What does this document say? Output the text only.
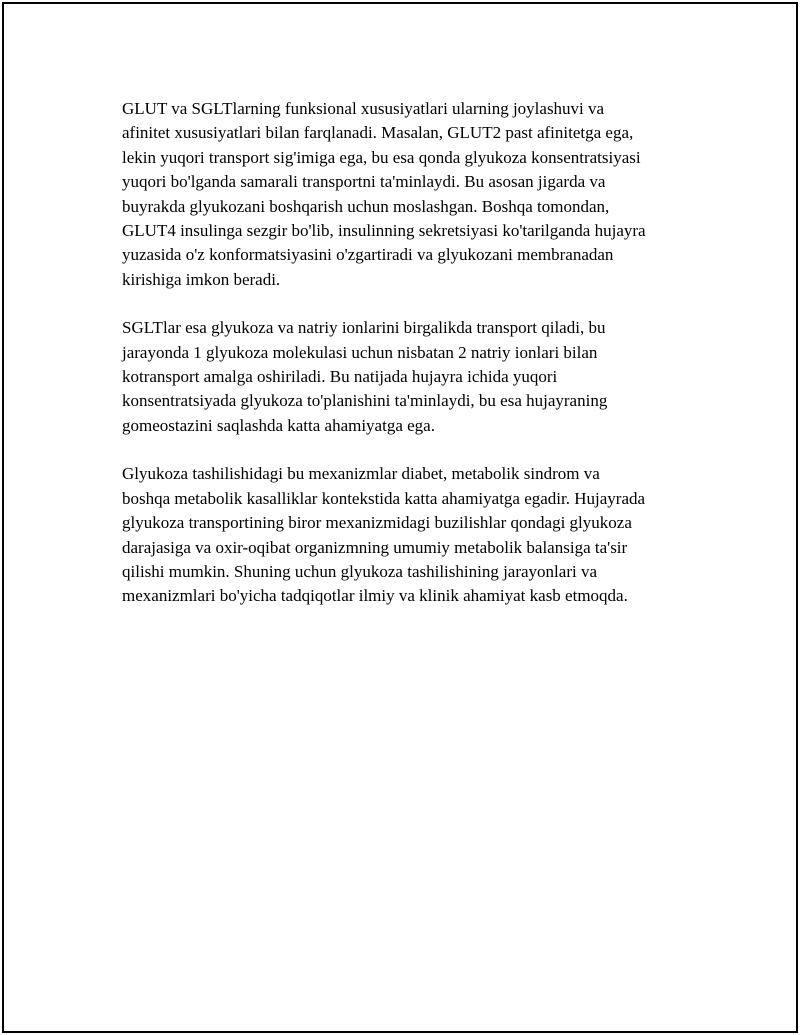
GLUT va SGLTlarning funksional xususiyatlari ularning joylashuvi va
afinitet xususiyatlari bilan farqlanadi. Masalan, GLUT2 past afinitetga ega,
lekin yuqori transport sig'imiga ega, bu esa qonda glyukoza konsentratsiyasi
yuqori bo'lganda samarali transportni ta'minlaydi. Bu asosan jigarda va
buyrakda glyukozani boshqarish uchun moslashgan. Boshqa tomondan,
GLUT4 insulinga sezgir bo'lib, insulinning sekretsiyasi ko'tarilganda hujayra
yuzasida o'z konformatsiyasini o'zgartiradi va glyukozani membranadan
kirishiga imkon beradi.

SGLTlar esa glyukoza va natriy ionlarini birgalikda transport qiladi, bu
jarayonda 1 glyukoza molekulasi uchun nisbatan 2 natriy ionlari bilan
kotransport amalga oshiriladi. Bu natijada hujayra ichida yuqori
konsentratsiyada glyukoza to'planishini ta'minlaydi, bu esa hujayraning
gomeostazini saqlashda katta ahamiyatga ega.

Glyukoza tashilishidagi bu mexanizmlar diabet, metabolik sindrom va
boshqa metabolik kasalliklar kontekstida katta ahamiyatga egadir. Hujayrada
glyukoza transportining biror mexanizmidagi buzilishlar qondagi glyukoza
darajasiga va oxir-oqibat organizmning umumiy metabolik balansiga ta'sir
qilishi mumkin. Shuning uchun glyukoza tashilishining jarayonlari va
mexanizmlari bo'yicha tadqiqotlar ilmiy va klinik ahamiyat kasb etmoqda.
